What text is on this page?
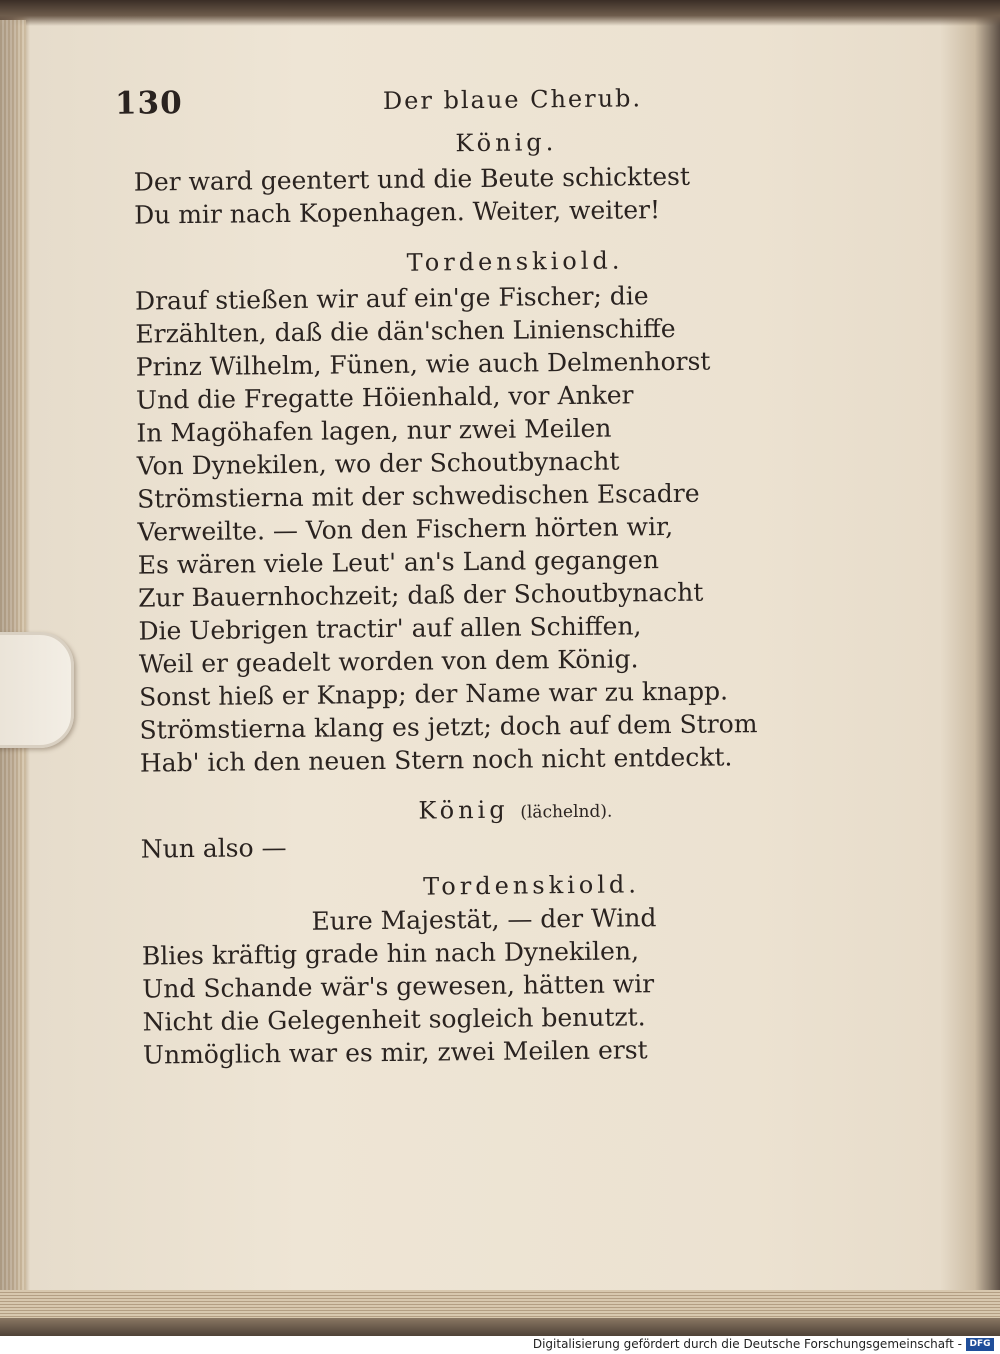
130	Der blaue Cherub.
König.
Der ward geentert und die Beute schicktest
Du mir nach Kopenhagen. Weiter, weiter!
Tordenskiold.
Drauf stießen wir auf ein'ge Fischer; die
Erzählten, daß die dän'schen Linienschiffe
Prinz Wilhelm, Fünen, wie auch Delmenhorst
Und die Fregatte Höienhald, vor Anker
In Magöhafen lagen, nur zwei Meilen
Von Dynekilen, wo der Schoutbynacht
Strömstierna mit der schwedischen Escadre
Verweilte. — Von den Fischern hörten wir,
Es wären viele Leut' an's Land gegangen
Zur Bauernhochzeit; daß der Schoutbynacht
Die Uebrigen tractir' auf allen Schiffen,
Weil er geadelt worden von dem König.
Sonst hieß er Knapp; der Name war zu knapp.
Strömstierna klang es jetzt; doch auf dem Strom
Hab' ich den neuen Stern noch nicht entdeckt.
König (lächelnd).
Nun also —
Tordenskiold.
Eure Majestät, — der Wind
Blies kräftig grade hin nach Dynekilen,
Und Schande wär's gewesen, hätten wir
Nicht die Gelegenheit sogleich benutzt.
Unmöglich war es mir, zwei Meilen erst
Digitalisierung gefördert durch die Deutsche Forschungsgemeinschaft - DFG
